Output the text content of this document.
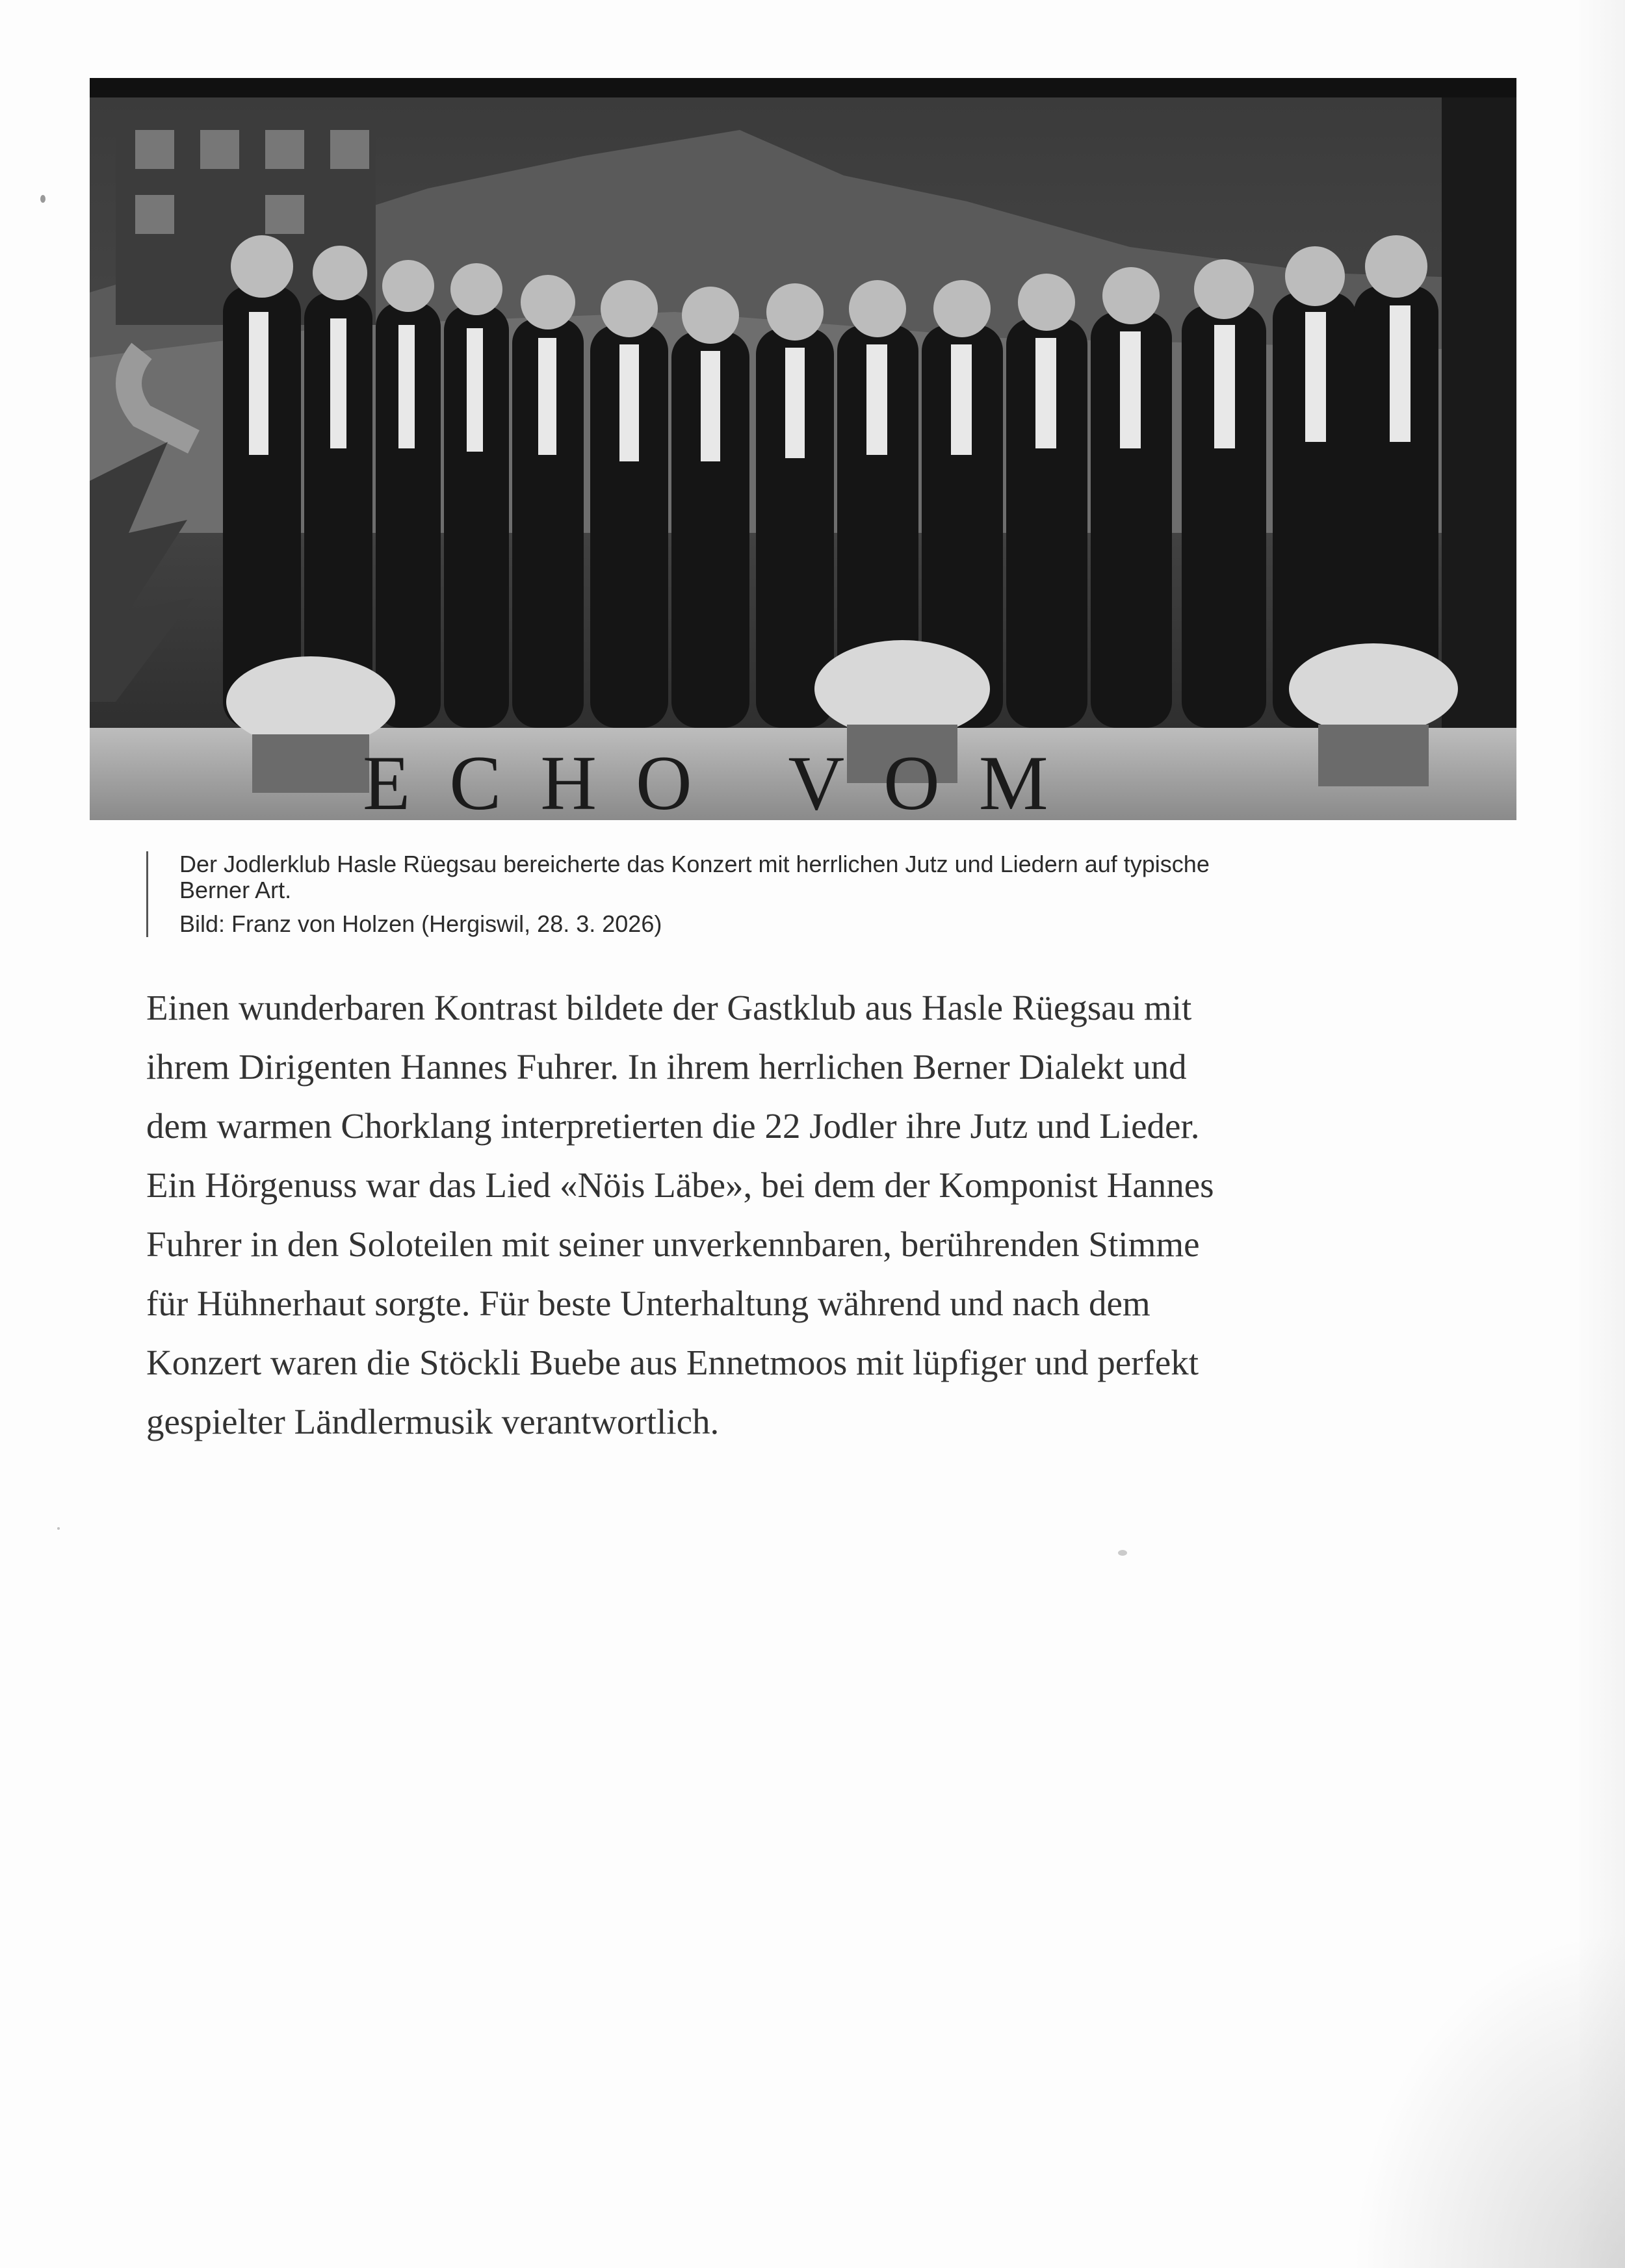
ECHO VOM
Der Jodlerklub Hasle Rüegsau bereicherte das Konzert mit herrlichen Jutz und Liedern auf typische
Berner Art.
Bild: Franz von Holzen (Hergiswil, 28. 3. 2026)
Einen wunderbaren Kontrast bildete der Gastklub aus Hasle Rüegsau mit
ihrem Dirigenten Hannes Fuhrer. In ihrem herrlichen Berner Dialekt und
dem warmen Chorklang interpretierten die 22 Jodler ihre Jutz und Lieder.
Ein Hörgenuss war das Lied «Nöis Läbe», bei dem der Komponist Hannes
Fuhrer in den Soloteilen mit seiner unverkennbaren, berührenden Stimme
für Hühnerhaut sorgte. Für beste Unterhaltung während und nach dem
Konzert waren die Stöckli Buebe aus Ennetmoos mit lüpfiger und perfekt
gespielter Ländlermusik verantwortlich.
